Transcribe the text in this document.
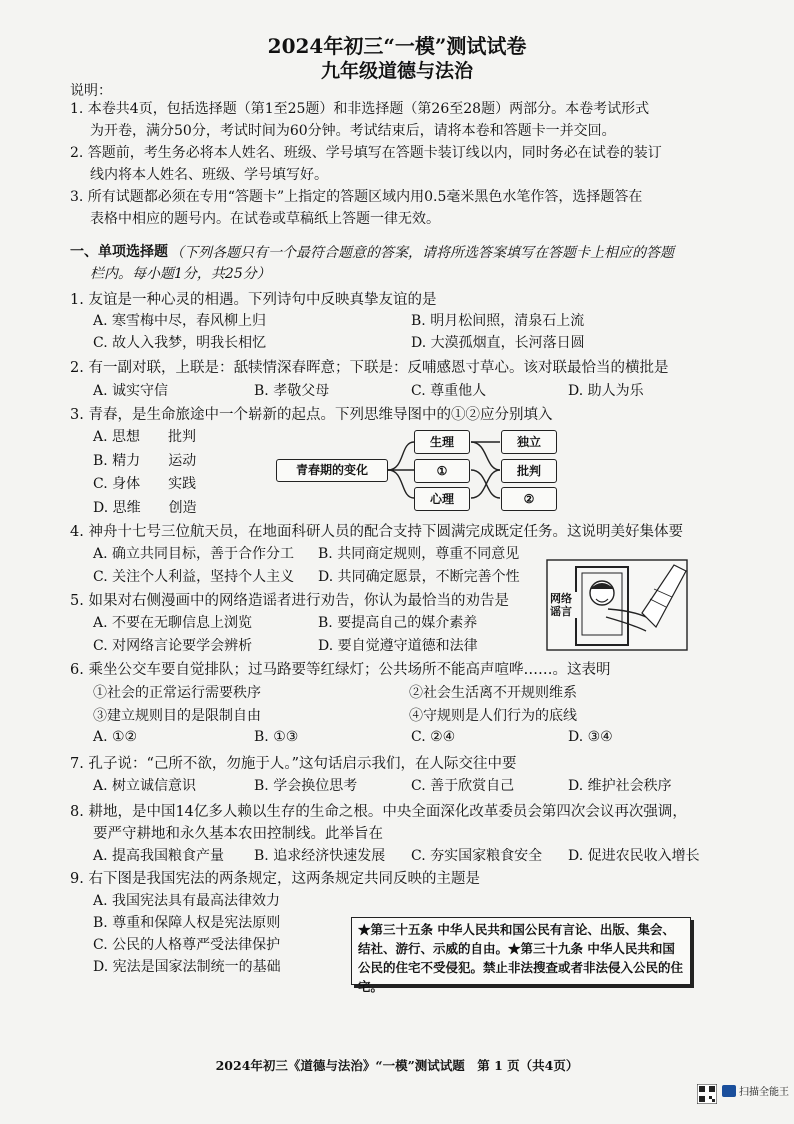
2024年初三“一模”测试试卷
九年级道德与法治
说明：
1. 本卷共4页，包括选择题（第1至25题）和非选择题（第26至28题）两部分。本卷考试形式
为开卷，满分50分，考试时间为60分钟。考试结束后，请将本卷和答题卡一并交回。
2. 答题前，考生务必将本人姓名、班级、学号填写在答题卡装订线以内，同时务必在试卷的装订
线内将本人姓名、班级、学号填写好。
3. 所有试题都必须在专用“答题卡”上指定的答题区域内用0.5毫米黑色水笔作答，选择题答在
表格中相应的题号内。在试卷或草稿纸上答题一律无效。
一、单项选择题 （下列各题只有一个最符合题意的答案，请将所选答案填写在答题卡上相应的答题
栏内。每小题1分，共25分）
1. 友谊是一种心灵的相遇。下列诗句中反映真挚友谊的是
A. 寒雪梅中尽，春风柳上归	B. 明月松间照，清泉石上流
C. 故人入我梦，明我长相忆	D. 大漠孤烟直，长河落日圆
2. 有一副对联，上联是：舐犊情深春晖意；下联是：反哺感恩寸草心。该对联最恰当的横批是
A. 诚实守信	B. 孝敬父母	C. 尊重他人	D. 助人为乐
3. 青春，是生命旅途中一个崭新的起点。下列思维导图中的①②应分别填入
A. 思想　　批判
B. 精力　　运动
C. 身体　　实践
D. 思维　　创造
青春期的变化
生理
①
心理
独立
批判
②
4. 神舟十七号三位航天员，在地面科研人员的配合支持下圆满完成既定任务。这说明美好集体要
A. 确立共同目标，善于合作分工 B. 共同商定规则，尊重不同意见
C. 关注个人利益，坚持个人主义 D. 共同确定愿景，不断完善个性
网络谣言
5. 如果对右侧漫画中的网络造谣者进行劝告，你认为最恰当的劝告是
A. 不要在无聊信息上浏览	B. 要提高自己的媒介素养
C. 对网络言论要学会辨析	D. 要自觉遵守道德和法律
6. 乘坐公交车要自觉排队；过马路要等红绿灯；公共场所不能高声喧哗……。这表明
①社会的正常运行需要秩序	②社会生活离不开规则维系
③建立规则目的是限制自由	④守规则是人们行为的底线
A. ①②	B. ①③	C. ②④	D. ③④
7. 孔子说：“己所不欲，勿施于人。”这句话启示我们，在人际交往中要
A. 树立诚信意识	B. 学会换位思考	C. 善于欣赏自己	D. 维护社会秩序
8. 耕地，是中国14亿多人赖以生存的生命之根。中央全面深化改革委员会第四次会议再次强调，
要严守耕地和永久基本农田控制线。此举旨在
A. 提高我国粮食产量 B. 追求经济快速发展 C. 夯实国家粮食安全 D. 促进农民收入增长
9. 右下图是我国宪法的两条规定，这两条规定共同反映的主题是
A. 我国宪法具有最高法律效力
B. 尊重和保障人权是宪法原则
C. 公民的人格尊严受法律保护
D. 宪法是国家法制统一的基础
★第三十五条 中华人民共和国公民有言论、出版、集会、结社、游行、示威的自由。★第三十九条 中华人民共和国公民的住宅不受侵犯。禁止非法搜查或者非法侵入公民的住宅。
2024年初三《道德与法治》“一模”测试试题　第 1 页（共4页）
扫描全能王
